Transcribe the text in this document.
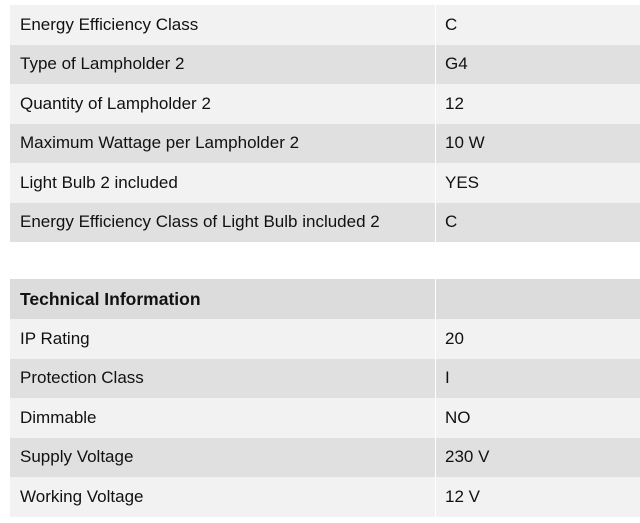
Energy Efficiency Class	C
Type of Lampholder 2	G4
Quantity of Lampholder 2	12
Maximum Wattage per Lampholder 2	10 W
Light Bulb 2 included	YES
Energy Efficiency Class of Light Bulb included 2	C
Technical Information
IP Rating	20
Protection Class	I
Dimmable	NO
Supply Voltage	230 V
Working Voltage	12 V
